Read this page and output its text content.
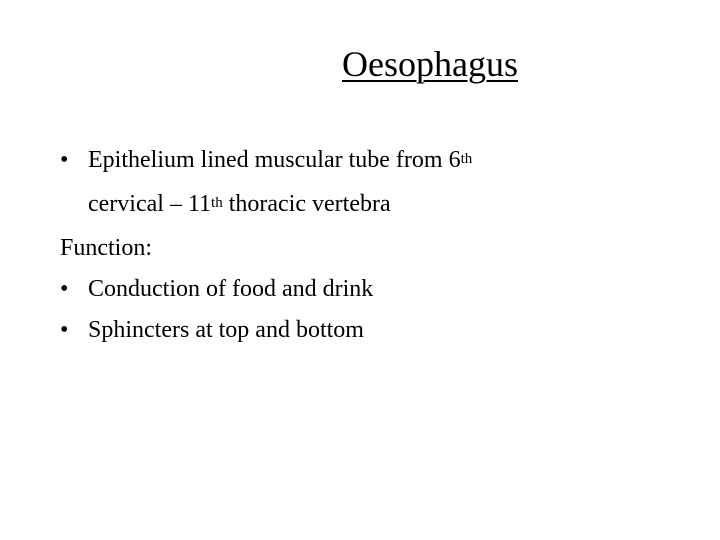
Oesophagus
• Epithelium lined muscular tube from 6th
cervical – 11th thoracic vertebra
Function:
• Conduction of food and drink
• Sphincters at top and bottom
